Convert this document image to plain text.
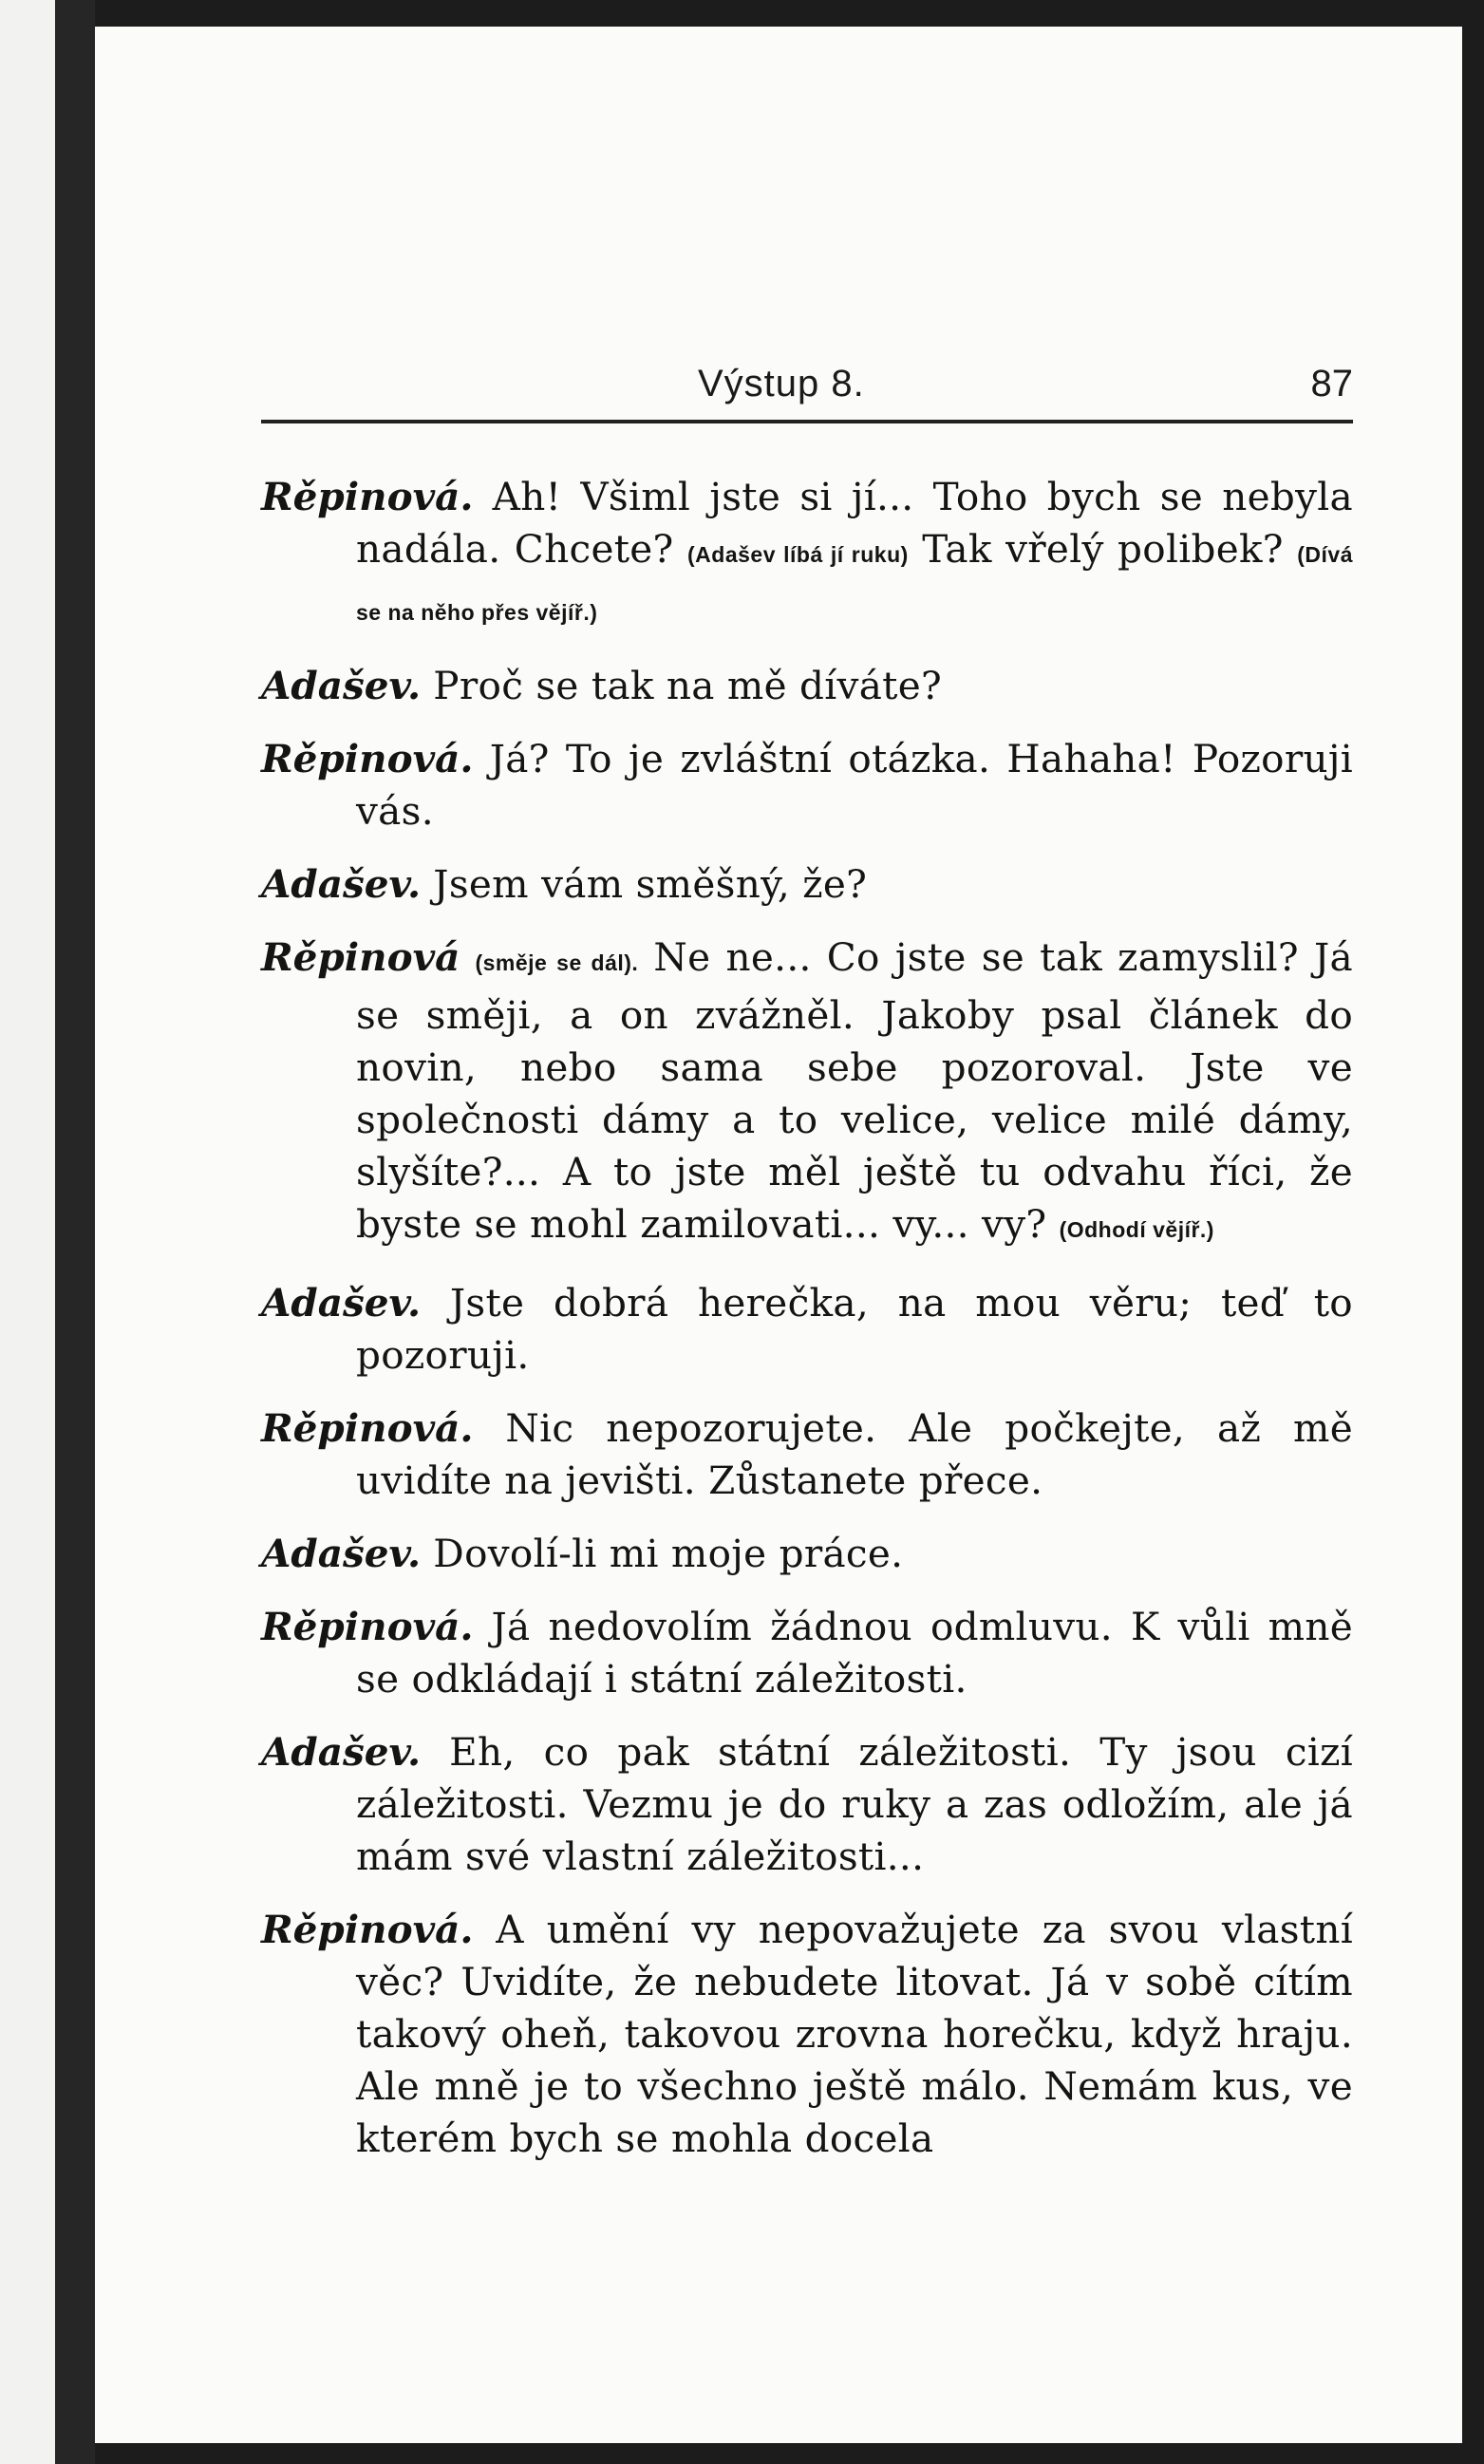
Výstup 8.	87

Rěpinová. Ah! Všiml jste si jí... Toho bych se nebyla nadála. Chcete? (Adašev líbá jí ruku) Tak vřelý polibek? (Dívá se na něho přes vějíř.)

Adašev. Proč se tak na mě díváte?

Rěpinová. Já? To je zvláštní otázka. Hahaha! Pozoruji vás.

Adašev. Jsem vám směšný, že?

Rěpinová (směje se dál). Ne ne... Co jste se tak zamyslil? Já se směji, a on zvážněl. Jakoby psal článek do novin, nebo sama sebe pozoroval. Jste ve společnosti dámy a to velice, velice milé dámy, slyšíte?... A to jste měl ještě tu odvahu říci, že byste se mohl zamilovati... vy... vy? (Odhodí vějíř.)

Adašev. Jste dobrá herečka, na mou věru; teď to pozoruji.

Rěpinová. Nic nepozorujete. Ale počkejte, až mě uvidíte na jevišti. Zůstanete přece.

Adašev. Dovolí-li mi moje práce.

Rěpinová. Já nedovolím žádnou odmluvu. K vůli mně se odkládají i státní záležitosti.

Adašev. Eh, co pak státní záležitosti. Ty jsou cizí záležitosti. Vezmu je do ruky a zas odložím, ale já mám své vlastní záležitosti...

Rěpinová. A umění vy nepovažujete za svou vlastní věc? Uvidíte, že nebudete litovat. Já v sobě cítím takový oheň, takovou zrovna horečku, když hraju. Ale mně je to všechno ještě málo. Nemám kus, ve kterém bych se mohla docela
